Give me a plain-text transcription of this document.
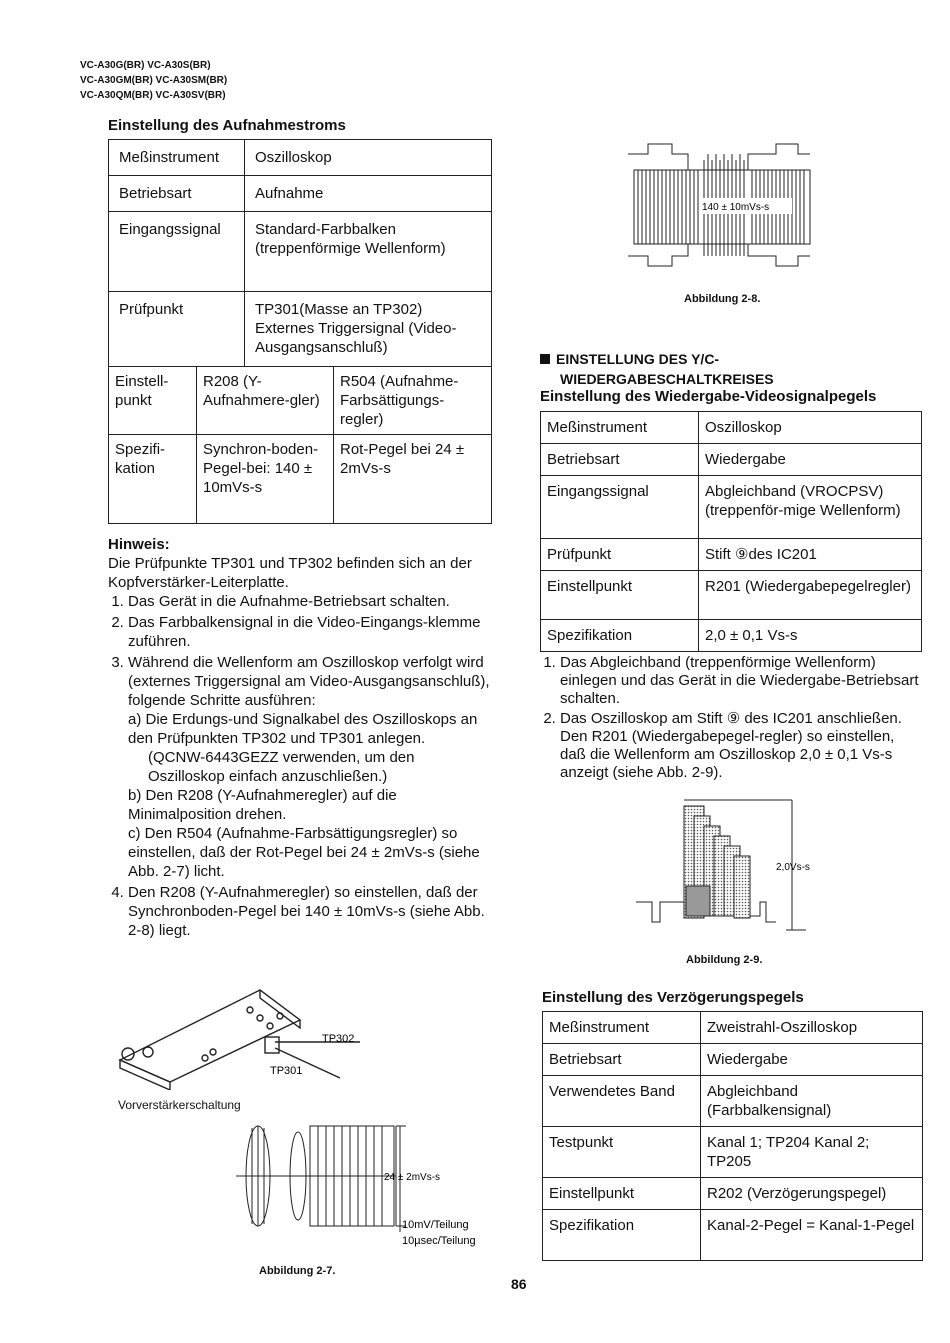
VC-A30G(BR) VC-A30S(BR)
VC-A30GM(BR) VC-A30SM(BR)
VC-A30QM(BR) VC-A30SV(BR)
Einstellung des Aufnahmestroms
Meßinstrument	Oszilloskop
Betriebsart	Aufnahme
Eingangssignal	Standard-Farbbalken (treppenförmige Wellenform)
Prüfpunkt	TP301(Masse an TP302) Externes Triggersignal (Video-Ausgangsanschluß)
Einstell-punkt	R208 (Y-Aufnahmere-gler)	R504 (Aufnahme-Farbsättigungs-regler)
Spezifi-kation	Synchron-boden-Pegel-bei: 140 ± 10mVs-s	Rot-Pegel bei 24 ± 2mVs-s
Hinweis:
Die Prüfpunkte TP301 und TP302 befinden sich an der Kopfverstärker-Leiterplatte.
1. Das Gerät in die Aufnahme-Betriebsart schalten.
2. Das Farbbalkensignal in die Video-Eingangs-klemme zuführen.
3. Während die Wellenform am Oszilloskop verfolgt wird (externes Triggersignal am Video-Ausgangsanschluß), folgende Schritte ausführen:
a) Die Erdungs-und Signalkabel des Oszilloskops an den Prüfpunkten TP302 und TP301 anlegen.
(QCNW-6443GEZZ verwenden, um den Oszilloskop einfach anzuschließen.)
b) Den R208 (Y-Aufnahmeregler) auf die Minimalposition drehen.
c) Den R504 (Aufnahme-Farbsättigungsregler) so einstellen, daß der Rot-Pegel bei 24 ± 2mVs-s (siehe Abb. 2-7) licht.
4. Den R208 (Y-Aufnahmeregler) so einstellen, daß der Synchronboden-Pegel bei 140 ± 10mVs-s (siehe Abb. 2-8) liegt.
TP302
TP301
Vorverstärkerschaltung
24 ± 2mVs-s
10mV/Teilung
10µsec/Teilung
Abbildung 2-7.
140 ± 10mVs-s
Abbildung 2-8.
EINSTELLUNG DES Y/C-
WIEDERGABESCHALTKREISES
Einstellung des Wiedergabe-Videosignalpegels
Meßinstrument	Oszilloskop
Betriebsart	Wiedergabe
Eingangssignal	Abgleichband (VROCPSV) (treppenför-mige Wellenform)
Prüfpunkt	Stift ⑨des IC201
Einstellpunkt	R201 (Wiedergabepegelregler)
Spezifikation	2,0 ± 0,1 Vs-s
1. Das Abgleichband (treppenförmige Wellenform) einlegen und das Gerät in die Wiedergabe-Betriebsart schalten.
2. Das Oszilloskop am Stift ⑨ des IC201 anschließen. Den R201 (Wiedergabepegel-regler) so einstellen, daß die Wellenform am Oszilloskop 2,0 ± 0,1 Vs-s anzeigt (siehe Abb. 2-9).
2,0Vs-s
Abbildung 2-9.
Einstellung des Verzögerungspegels
Meßinstrument	Zweistrahl-Oszilloskop
Betriebsart	Wiedergabe
Verwendetes Band	Abgleichband (Farbbalkensignal)
Testpunkt	Kanal 1; TP204 Kanal 2; TP205
Einstellpunkt	R202 (Verzögerungspegel)
Spezifikation	Kanal-2-Pegel = Kanal-1-Pegel
86
